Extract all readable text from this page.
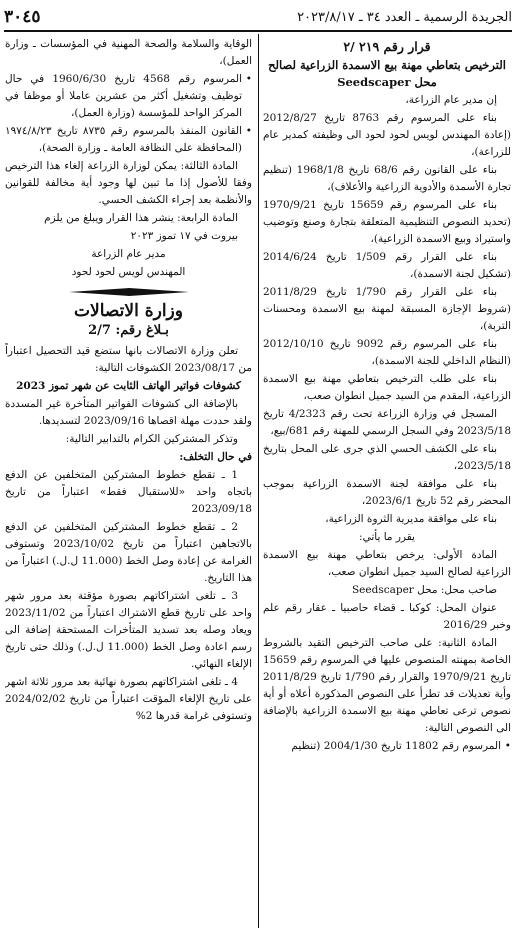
الجريدة الرسمية ـ العدد ٣٤ ـ ٢٠٢٣/٨/١٧
٣٠٤٥

قرار رقم ٢١٩ /٢

الترخيص بتعاطي مهنة بيع الاسمدة الزراعية لصالح محل Seedscaper

إن مدير عام الزراعة،

بناء على المرسوم رقم 8763 تاريخ 2012/8/27 (إعادة المهندس لويس لحود لحود الى وظيفته كمدير عام للزراعة)،

بناء على القانون رقم 68/6 تاريخ 1968/1/8 (تنظيم تجارة الأسمدة والأدوية الزراعية والأعلاف)،

بناء على المرسوم رقم 15659 تاريخ 1970/9/21 (تحديد النصوص التنظيمية المتعلقة بتجارة وصنع وتوضيب واستيراد وبيع الاسمدة الزراعية)،

بناء على القرار رقم 1/509 تاريخ 2014/6/24 (تشكيل لجنة الاسمدة)،

بناء على القرار رقم 1/790 تاريخ 2011/8/29 (شروط الإجازة المسبقة لمهنة بيع الاسمدة ومحسنات التربة)،

بناء على المرسوم رقم 9092 تاريخ 2012/10/10 (النظام الداخلي للجنة الاسمدة)،

بناء على طلب الترخيص بتعاطي مهنة بيع الاسمدة الزراعية، المقدم من السيد جميل انطوان صعب،

المسجل في وزارة الزراعة تحت رقم 4/2323 تاريخ 2023/5/18 وفي السجل الرسمي للمهنة رقم 681/بيع،

بناء على الكشف الحسي الذي جرى على المحل بتاريخ 2023/5/18،

بناء على موافقة لجنة الاسمدة الزراعية بموجب المحضر رقم 52 تاريخ 2023/6/1،

بناء على موافقة مديرية الثروة الزراعية،

يقرر ما يأتي:

المادة الأولى: يرخص بتعاطي مهنة بيع الاسمدة الزراعية لصالح السيد جميل انطوان صعب،

صاحب محل: محل Seedscaper

عنوان المحل: كوكبا ـ قضاء حاصبيا ـ عقار رقم علم وخبر 2016/29

المادة الثانية: على صاحب الترخيص التقيد بالشروط الخاصة بمهنته المنصوص عليها في المرسوم رقم 15659 تاريخ 1970/9/21 والقرار رقم 1/790 تاريخ 2011/8/29 وأية تعديلات قد تطرأ على النصوص المذكورة أعلاه أو أية نصوص ترعى تعاطي مهنة بيع الاسمدة الزراعية بالإضافة الى النصوص التالية:

• المرسوم رقم 11802 تاريخ 2004/1/30 (تنظيم

الوقاية والسلامة والصحة المهنية في المؤسسات ـ وزارة العمل)،

• المرسوم رقم 4568 تاريخ 1960/6/30 في حال توظيف وتشغيل أكثر من عشرين عاملا أو موظفا في المركز الواحد للمؤسسة (وزارة العمل)،

• القانون المنفذ بالمرسوم رقم ٨٧٣٥ تاريخ ١٩٧٤/٨/٢٣ (المحافظة على النظافة العامة ـ وزارة الصحة)،

المادة الثالثة: يمكن لوزارة الزراعة إلغاء هذا الترخيص وفقا للأصول إذا ما تبين لها وجود أية مخالفة للقوانين والأنظمة بعد إجراء الكشف الحسي.

المادة الرابعة: ينشر هذا القرار ويبلغ من يلزم

بيروت في ١٧ تموز ٢٠٢٣

مدير عام الزراعة

المهندس لويس لحود لحود

وزارة الاتصالات

بـلاغ رقم: 2/7

تعلن وزارة الاتصالات بانها ستضع قيد التحصيل اعتباراً من 2023/08/17 الكشوفات التالية:

كشوفات فواتير الهاتف الثابت عن شهر تموز 2023

بالإضافة الى كشوفات الفواتير المتأخرة غير المسددة ولقد حددت مهلة اقصاها 2023/09/16 لتسديدها.

وتذكر المشتركين الكرام بالتدابير التالية:

في حال التخلف:

1 ـ تقطع خطوط المشتركين المتخلفين عن الدفع باتجاه واحد «للاستقبال فقط» اعتباراً من تاريخ 2023/09/18

2 ـ تقطع خطوط المشتركين المتخلفين عن الدفع بالاتجاهين اعتباراً من تاريخ 2023/10/02 وتستوفى الغرامة عن إعادة وصل الخط (11.000 ل.ل.) اعتباراً من هذا التاريخ.

3 ـ تلغى اشتراكاتهم بصورة مؤقتة بعد مرور شهر واحد على تاريخ قطع الاشتراك اعتباراً من 2023/11/02 ويعاد وصله بعد تسديد المتأخرات المستحقة إضافة الى رسم اعادة وصل الخط (11.000 ل.ل.) وذلك حتى تاريخ الإلغاء النهائي.

4 ـ تلغى اشتراكاتهم بصورة نهائية بعد مرور ثلاثة اشهر على تاريخ الإلغاء المؤقت اعتباراً من تاريخ 2024/02/02 وتستوفى غرامة قدرها 2%
